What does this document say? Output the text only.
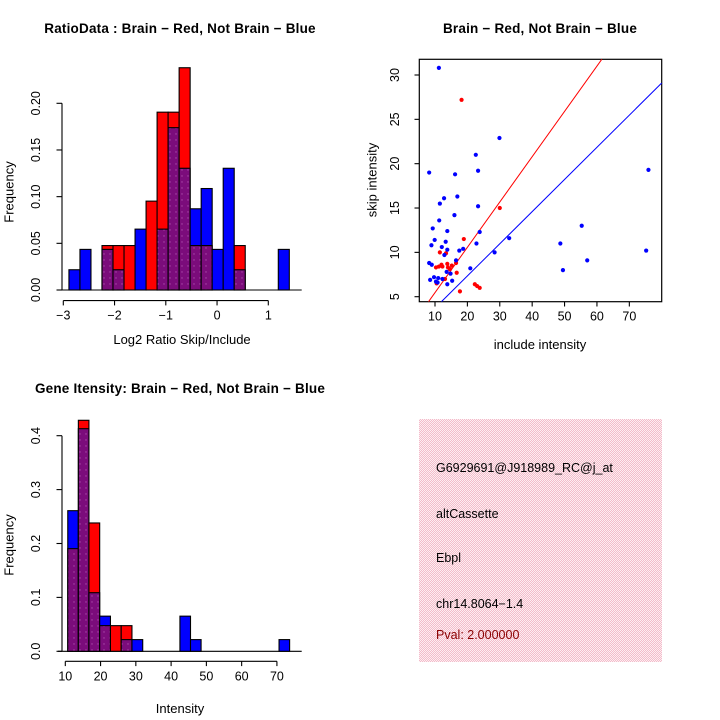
−3	−2	−1	0	1
0.00
0.05
0.10
0.15
0.20
10 20 30 40 50 60 70
0.0
0.1
0.2
0.3
0.4
10 20 30 40 50 60 70
5
10
15
20
25
30
RatioData : Brain − Red, Not Brain − Blue	Brain − Red, Not Brain − Blue
Gene Itensity: Brain − Red, Not Brain − Blue
Log2 Ratio Skip/Include	include intensity
Intensity
Frequency	skip intensity
Frequency
G6929691@J918989_RC@j_at
altCassette
Ebpl
chr14.8064−1.4
Pval: 2.000000
